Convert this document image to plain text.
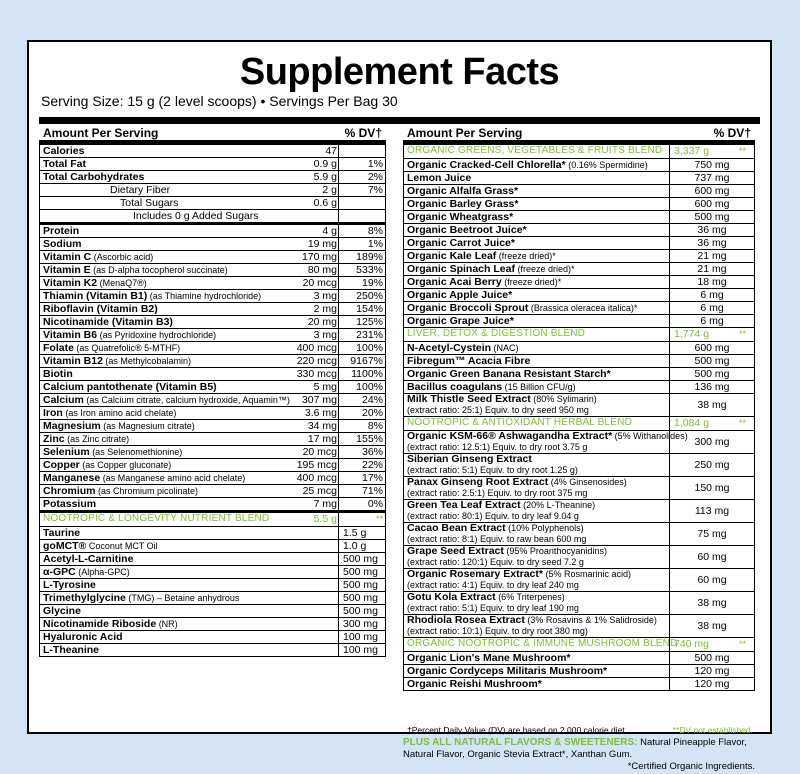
Supplement Facts
Serving Size: 15 g (2 level scoops) • Servings Per Bag 30
Amount Per Serving	% DV†
Calories	47
Total Fat	0.9 g	1%
Total Carbohydrates	5.9 g	2%
Dietary Fiber	2 g	7%
Total Sugars	0.6 g
Includes 0 g Added Sugars
Protein	4 g	8%
Sodium	19 mg	1%
Vitamin C (Ascorbic acid)	170 mg	189%
Vitamin E (as D-alpha tocopherol succinate)	80 mg	533%
Vitamin K2 (MenaQ7®)	20 mcg	19%
Thiamin (Vitamin B1) (as Thiamine hydrochloride)	3 mg	250%
Riboflavin (Vitamin B2)	2 mg	154%
Nicotinamide (Vitamin B3)	20 mg	125%
Vitamin B6 (as Pyridoxine hydrochloride)	3 mg	231%
Folate (as Quatrefolic® 5-MTHF)	400 mcg	100%
Vitamin B12 (as Methylcobalamin)	220 mcg	9167%
Biotin	330 mcg	1100%
Calcium pantothenate (Vitamin B5)	5 mg	100%
Calcium (as Calcium citrate, calcium hydroxide, Aquamin™)	307 mg	24%
Iron (as Iron amino acid chelate)	3.6 mg	20%
Magnesium (as Magnesium citrate)	34 mg	8%
Zinc (as Zinc citrate)	17 mg	155%
Selenium (as Selenomethionine)	20 mcg	36%
Copper (as Copper gluconate)	195 mcg	22%
Manganese (as Manganese amino acid chelate)	400 mcg	17%
Chromium (as Chromium picolinate)	25 mcg	71%
Potassium	7 mg	0%
NOOTROPIC & LONGEVITY NUTRIENT BLEND	5.5 g	**
Taurine	1.5 g
goMCT® Coconut MCT Oil	1.0 g
Acetyl-L-Carnitine	500 mg
α-GPC (Alpha-GPC)	500 mg
L-Tyrosine	500 mg
Trimethylglycine (TMG) – Betaine anhydrous	500 mg
Glycine	500 mg
Nicotinamide Riboside (NR)	300 mg
Hyaluronic Acid	100 mg
L-Theanine	100 mg
Amount Per Serving	% DV†
ORGANIC GREENS, VEGETABLES & FRUITS BLEND 3,337 g	**
Organic Cracked-Cell Chlorella* (0.16% Spermidine)	750 mg
Lemon Juice	737 mg
Organic Alfalfa Grass*	600 mg
Organic Barley Grass*	600 mg
Organic Wheatgrass*	500 mg
Organic Beetroot Juice*	36 mg
Organic Carrot Juice*	36 mg
Organic Kale Leaf (freeze dried)*	21 mg
Organic Spinach Leaf (freeze dried)*	21 mg
Organic Acai Berry (freeze dried)*	18 mg
Organic Apple Juice*	6 mg
Organic Broccoli Sprout (Brassica oleracea italica)*	6 mg
Organic Grape Juice*	6 mg
LIVER, DETOX & DIGESTION BLEND	1,774 g	**
N-Acetyl-Cystein (NAC)	600 mg
Fibregum™ Acacia Fibre	500 mg
Organic Green Banana Resistant Starch*	500 mg
Bacillus coagulans (15 Billion CFU/g)	136 mg
Milk Thistle Seed Extract (80% Sylimarin)
(extract ratio: 25:1) Equiv. to dry seed 950 mg	38 mg
NOOTROPIC & ANTIOXIDANT HERBAL BLEND	1,084 g	**
Organic KSM-66® Ashwagandha Extract* (5% Withanolides)
(extract ratio: 12.5:1) Equiv. to dry root 3.75 g	300 mg
Siberian Ginseng Extract
(extract ratio: 5:1) Equiv. to dry root 1.25 g)	250 mg
Panax Ginseng Root Extract (4% Ginsenosides)
(extract ratio: 2.5:1) Equiv. to dry root 375 mg	150 mg
Green Tea Leaf Extract (20% L-Theanine)
(extract ratio: 80:1) Equiv. to dry leaf 9.04 g	113 mg
Cacao Bean Extract (10% Polyphenols)
(extract ratio: 8:1) Equiv. to raw bean 600 mg	75 mg
Grape Seed Extract (95% Proanthocyanidins)
(extract ratio: 120:1) Equiv. to dry seed 7.2 g	60 mg
Organic Rosemary Extract* (5% Rosmarinic acid)
(extract ratio: 4:1) Equiv. to dry leaf 240 mg	60 mg
Gotu Kola Extract (6% Triterpenes)
(extract ratio: 5:1) Equiv. to dry leaf 190 mg	38 mg
Rhodiola Rosea Extract (3% Rosavins & 1% Salidroside)
(extract ratio: 10:1) Equiv. to dry root 380 mg)	38 mg
ORGANIC NOOTROPIC & IMMUNE MUSHROOM BLEND
740 mg	**
Organic Lion's Mane Mushroom*	500 mg
Organic Cordyceps Militaris Mushroom*	120 mg
Organic Reishi Mushroom*	120 mg
†Percent Daily Value (DV) are based on 2,000 calorie diet.	**DV not established.
PLUS ALL NATURAL FLAVORS & SWEETENERS: Natural Pineapple Flavor, Natural Flavor, Organic Stevia Extract*, Xanthan Gum.
*Certified Organic Ingredients.
